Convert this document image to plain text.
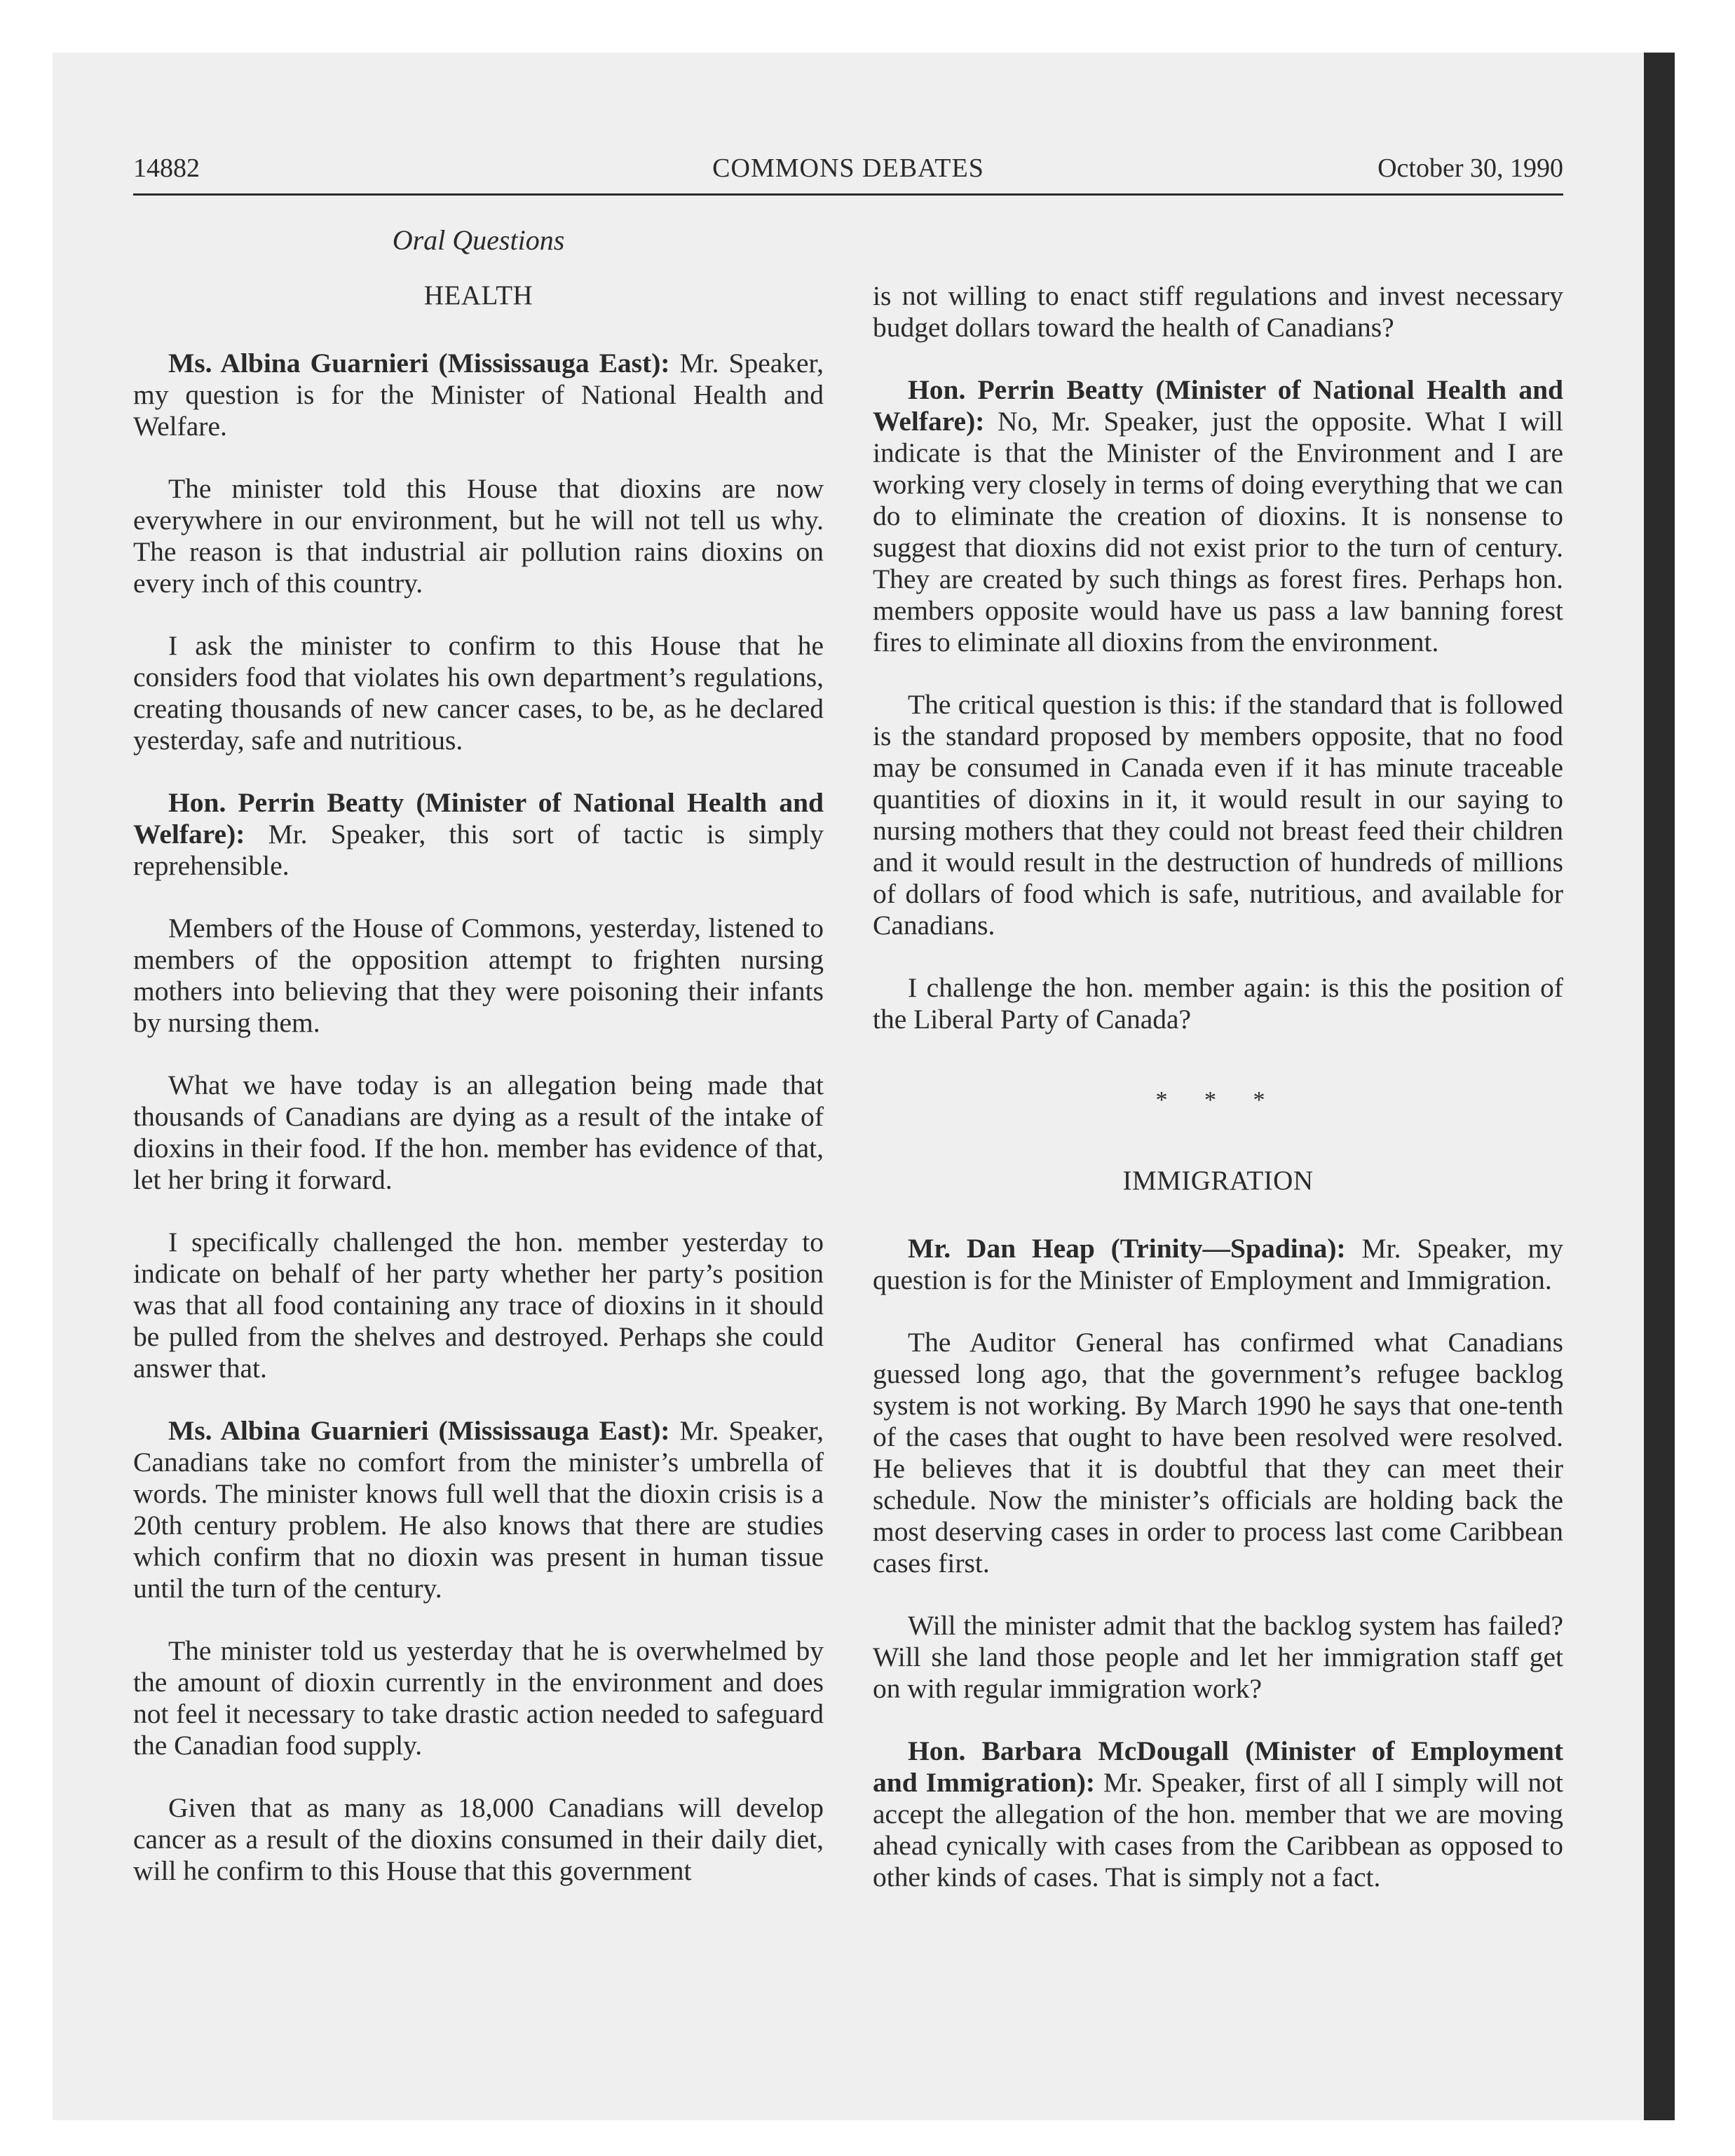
14882	COMMONS DEBATES	October 30, 1990
Oral Questions
HEALTH

Ms. Albina Guarnieri (Mississauga East): Mr. Speaker, my question is for the Minister of National Health and Welfare.

The minister told this House that dioxins are now everywhere in our environment, but he will not tell us why. The reason is that industrial air pollution rains dioxins on every inch of this country.

I ask the minister to confirm to this House that he considers food that violates his own department’s regulations, creating thousands of new cancer cases, to be, as he declared yesterday, safe and nutritious.

Hon. Perrin Beatty (Minister of National Health and Welfare): Mr. Speaker, this sort of tactic is simply reprehensible.

Members of the House of Commons, yesterday, listened to members of the opposition attempt to frighten nursing mothers into believing that they were poisoning their infants by nursing them.

What we have today is an allegation being made that thousands of Canadians are dying as a result of the intake of dioxins in their food. If the hon. member has evidence of that, let her bring it forward.

I specifically challenged the hon. member yesterday to indicate on behalf of her party whether her party’s position was that all food containing any trace of dioxins in it should be pulled from the shelves and destroyed. Perhaps she could answer that.

Ms. Albina Guarnieri (Mississauga East): Mr. Speaker, Canadians take no comfort from the minister’s umbrella of words. The minister knows full well that the dioxin crisis is a 20th century problem. He also knows that there are studies which confirm that no dioxin was present in human tissue until the turn of the century.

The minister told us yesterday that he is overwhelmed by the amount of dioxin currently in the environment and does not feel it necessary to take drastic action needed to safeguard the Canadian food supply.

Given that as many as 18,000 Canadians will develop cancer as a result of the dioxins consumed in their daily diet, will he confirm to this House that this government

is not willing to enact stiff regulations and invest necessary budget dollars toward the health of Canadians?

Hon. Perrin Beatty (Minister of National Health and Welfare): No, Mr. Speaker, just the opposite. What I will indicate is that the Minister of the Environment and I are working very closely in terms of doing everything that we can do to eliminate the creation of dioxins. It is nonsense to suggest that dioxins did not exist prior to the turn of century. They are created by such things as forest fires. Perhaps hon. members opposite would have us pass a law banning forest fires to eliminate all dioxins from the environment.

The critical question is this: if the standard that is followed is the standard proposed by members opposite, that no food may be consumed in Canada even if it has minute traceable quantities of dioxins in it, it would result in our saying to nursing mothers that they could not breast feed their children and it would result in the destruction of hundreds of millions of dollars of food which is safe, nutritious, and available for Canadians.

I challenge the hon. member again: is this the position of the Liberal Party of Canada?

* * *
IMMIGRATION

Mr. Dan Heap (Trinity—Spadina): Mr. Speaker, my question is for the Minister of Employment and Immigration.

The Auditor General has confirmed what Canadians guessed long ago, that the government’s refugee backlog system is not working. By March 1990 he says that one-tenth of the cases that ought to have been resolved were resolved. He believes that it is doubtful that they can meet their schedule. Now the minister’s officials are holding back the most deserving cases in order to process last come Caribbean cases first.

Will the minister admit that the backlog system has failed? Will she land those people and let her immigration staff get on with regular immigration work?

Hon. Barbara McDougall (Minister of Employment and Immigration): Mr. Speaker, first of all I simply will not accept the allegation of the hon. member that we are moving ahead cynically with cases from the Caribbean as opposed to other kinds of cases. That is simply not a fact.
